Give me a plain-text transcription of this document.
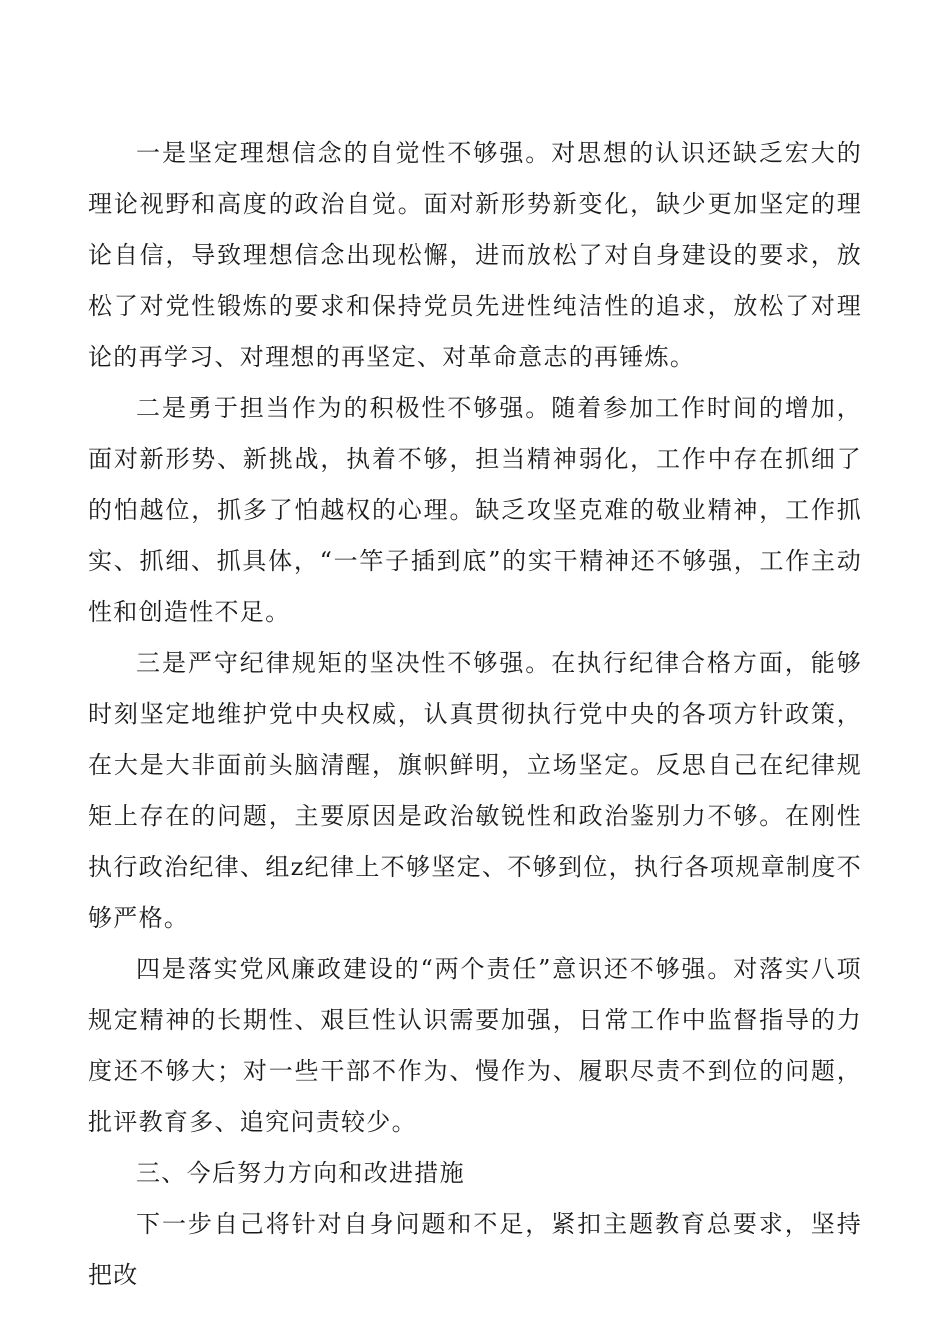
一是坚定理想信念的自觉性不够强。对思想的认识还缺乏宏大的理论视野和高度的政治自觉。面对新形势新变化，缺少更加坚定的理论自信，导致理想信念出现松懈，进而放松了对自身建设的要求，放松了对党性锻炼的要求和保持党员先进性纯洁性的追求，放松了对理论的再学习、对理想的再坚定、对革命意志的再锤炼。

二是勇于担当作为的积极性不够强。随着参加工作时间的增加，面对新形势、新挑战，执着不够，担当精神弱化，工作中存在抓细了的怕越位，抓多了怕越权的心理。缺乏攻坚克难的敬业精神，工作抓实、抓细、抓具体，“一竿子插到底”的实干精神还不够强，工作主动性和创造性不足。

三是严守纪律规矩的坚决性不够强。在执行纪律合格方面，能够时刻坚定地维护党中央权威，认真贯彻执行党中央的各项方针政策，在大是大非面前头脑清醒，旗帜鲜明，立场坚定。反思自己在纪律规矩上存在的问题，主要原因是政治敏锐性和政治鉴别力不够。在刚性执行政治纪律、组z纪律上不够坚定、不够到位，执行各项规章制度不够严格。

四是落实党风廉政建设的“两个责任”意识还不够强。对落实八项规定精神的长期性、艰巨性认识需要加强，日常工作中监督指导的力度还不够大；对一些干部不作为、慢作为、履职尽责不到位的问题，批评教育多、追究问责较少。

三、今后努力方向和改进措施

下一步自己将针对自身问题和不足，紧扣主题教育总要求，坚持把改
